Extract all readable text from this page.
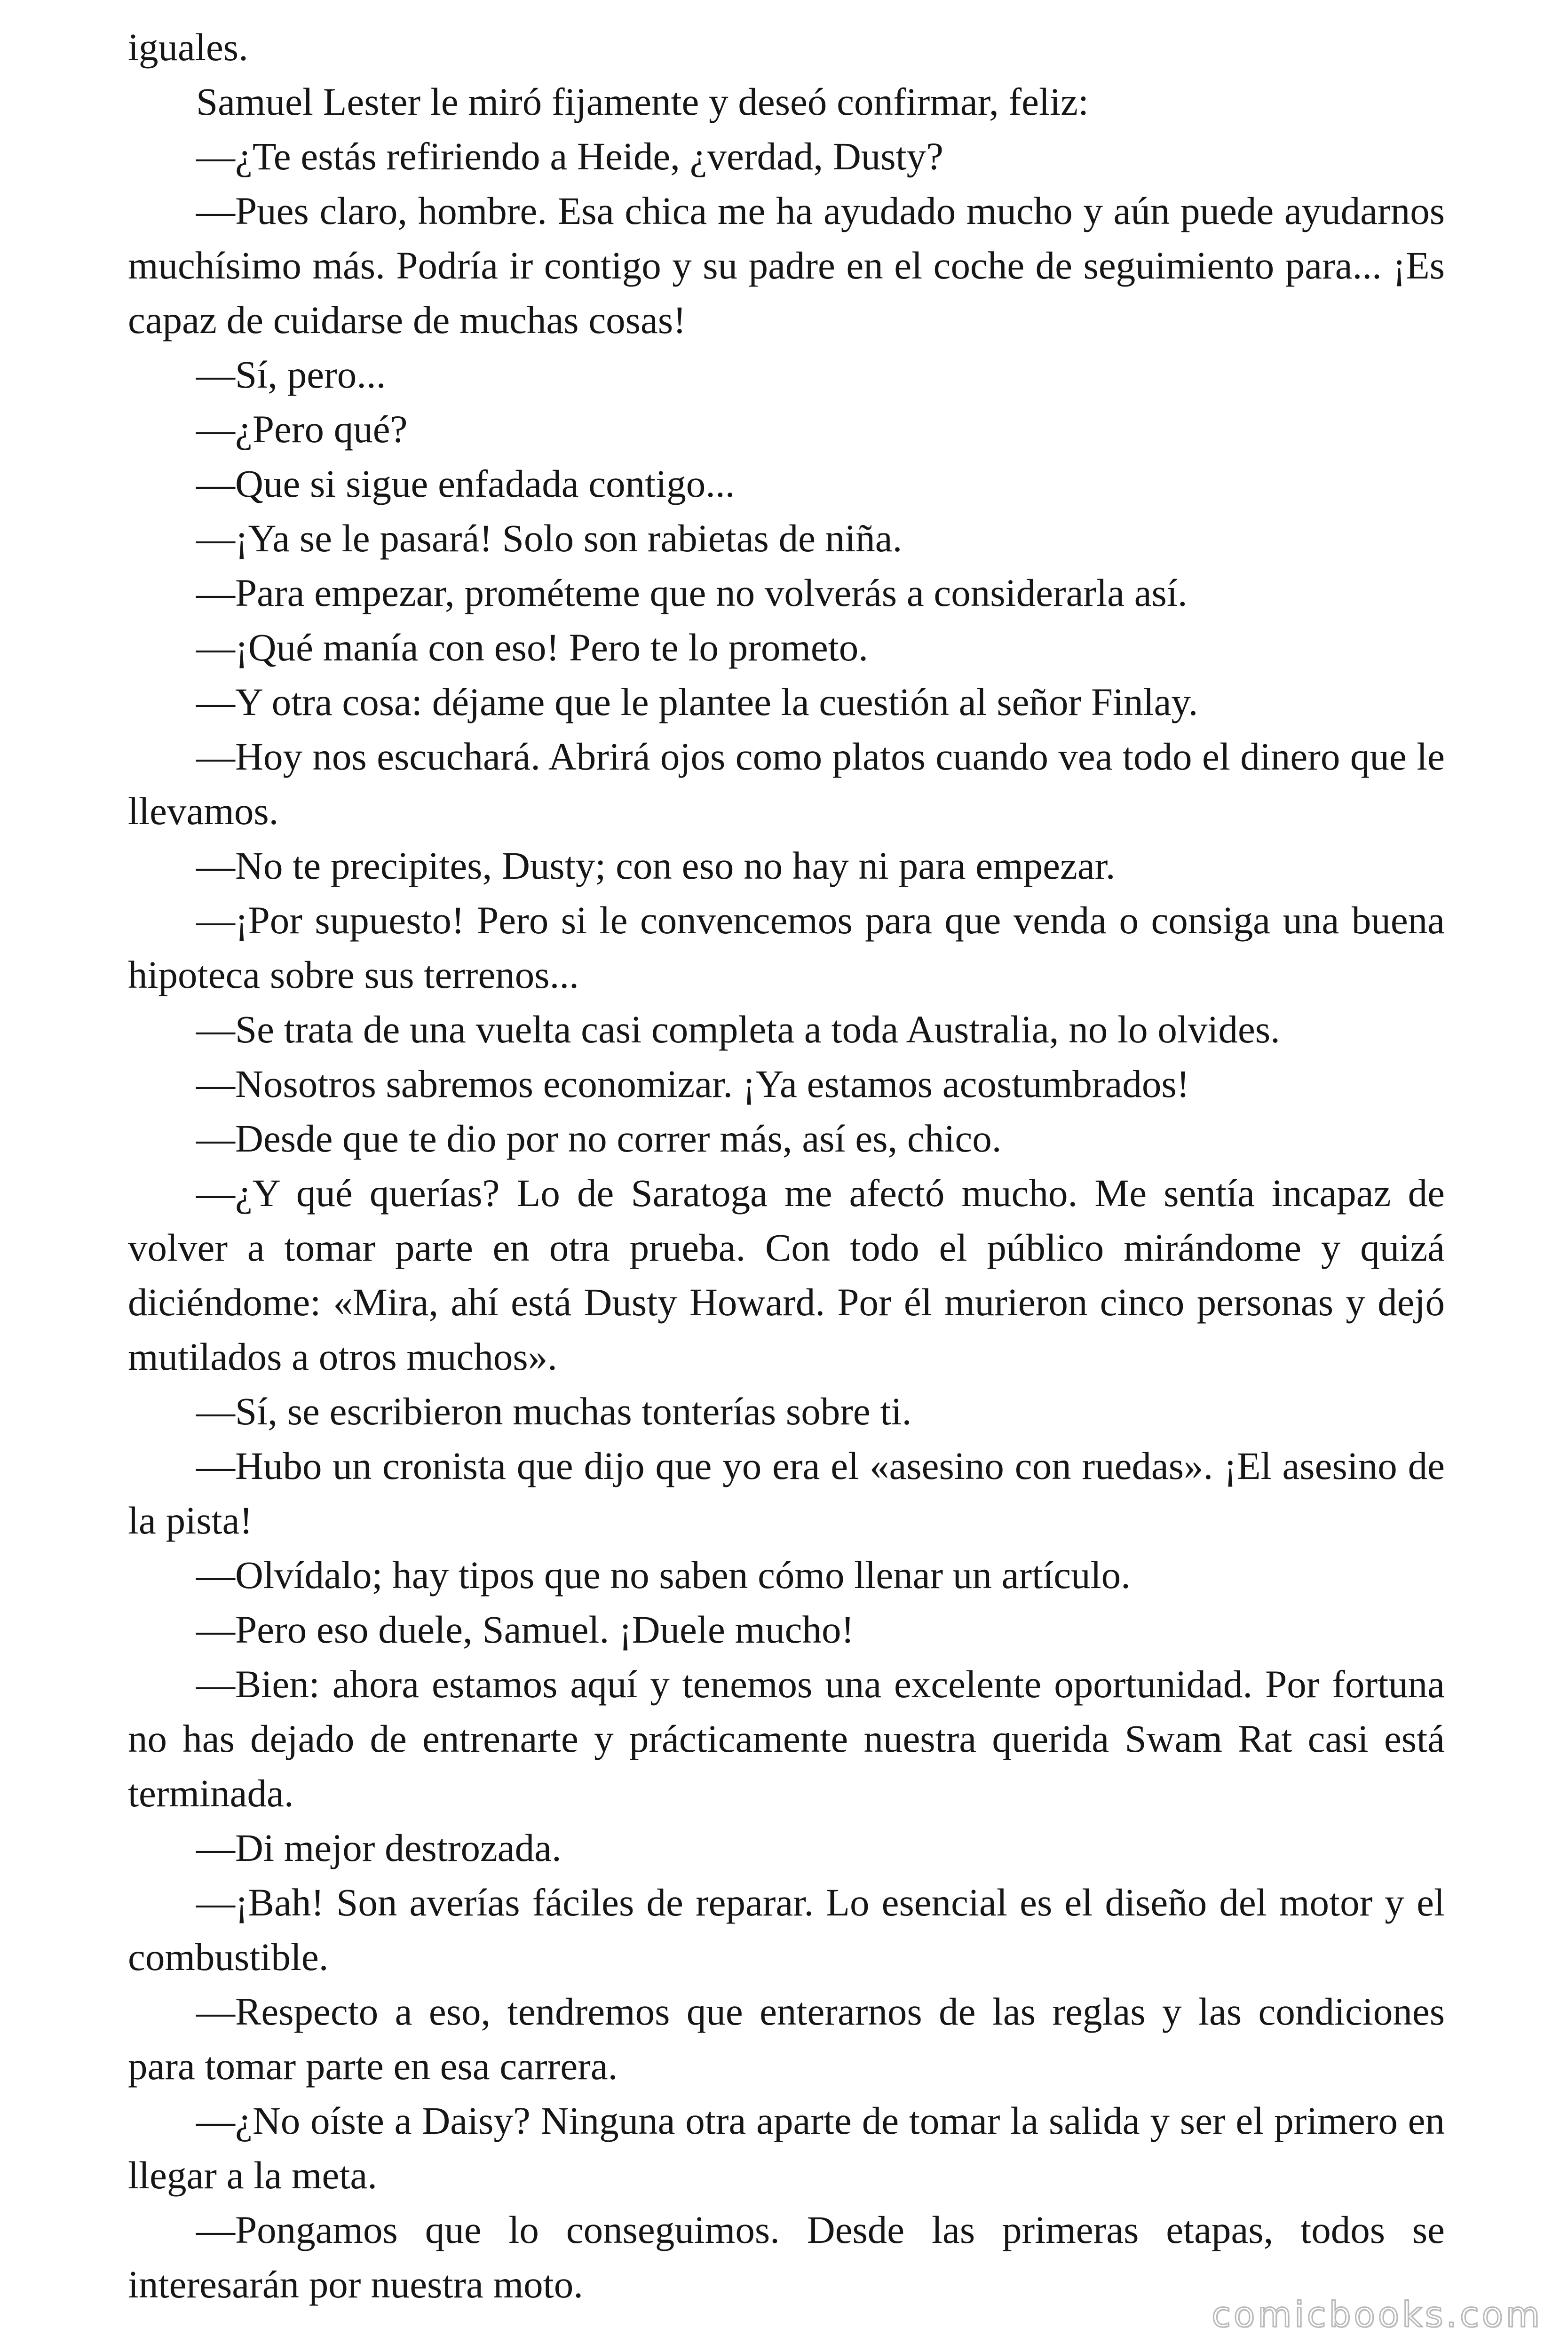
iguales.

Samuel Lester le miró fijamente y deseó confirmar, feliz:

—¿Te estás refiriendo a Heide, ¿verdad, Dusty?

—Pues claro, hombre. Esa chica me ha ayudado mucho y aún puede ayudarnos muchísimo más. Podría ir contigo y su padre en el coche de seguimiento para... ¡Es capaz de cuidarse de muchas cosas!

—Sí, pero...

—¿Pero qué?

—Que si sigue enfadada contigo...

—¡Ya se le pasará! Solo son rabietas de niña.

—Para empezar, prométeme que no volverás a considerarla así.

—¡Qué manía con eso! Pero te lo prometo.

—Y otra cosa: déjame que le plantee la cuestión al señor Finlay.

—Hoy nos escuchará. Abrirá ojos como platos cuando vea todo el dinero que le llevamos.

—No te precipites, Dusty; con eso no hay ni para empezar.

—¡Por supuesto! Pero si le convencemos para que venda o consiga una buena hipoteca sobre sus terrenos...

—Se trata de una vuelta casi completa a toda Australia, no lo olvides.

—Nosotros sabremos economizar. ¡Ya estamos acostumbrados!

—Desde que te dio por no correr más, así es, chico.

—¿Y qué querías? Lo de Saratoga me afectó mucho. Me sentía incapaz de volver a tomar parte en otra prueba. Con todo el público mirándome y quizá diciéndome: «Mira, ahí está Dusty Howard. Por él murieron cinco personas y dejó mutilados a otros muchos».

—Sí, se escribieron muchas tonterías sobre ti.

—Hubo un cronista que dijo que yo era el «asesino con ruedas». ¡El asesino de la pista!

—Olvídalo; hay tipos que no saben cómo llenar un artículo.

—Pero eso duele, Samuel. ¡Duele mucho!

—Bien: ahora estamos aquí y tenemos una excelente oportunidad. Por fortuna no has dejado de entrenarte y prácticamente nuestra querida Swam Rat casi está terminada.

—Di mejor destrozada.

—¡Bah! Son averías fáciles de reparar. Lo esencial es el diseño del motor y el combustible.

—Respecto a eso, tendremos que enterarnos de las reglas y las condiciones para tomar parte en esa carrera.

—¿No oíste a Daisy? Ninguna otra aparte de tomar la salida y ser el primero en llegar a la meta.

—Pongamos que lo conseguimos. Desde las primeras etapas, todos se interesarán por nuestra moto.

comicbooks.com
